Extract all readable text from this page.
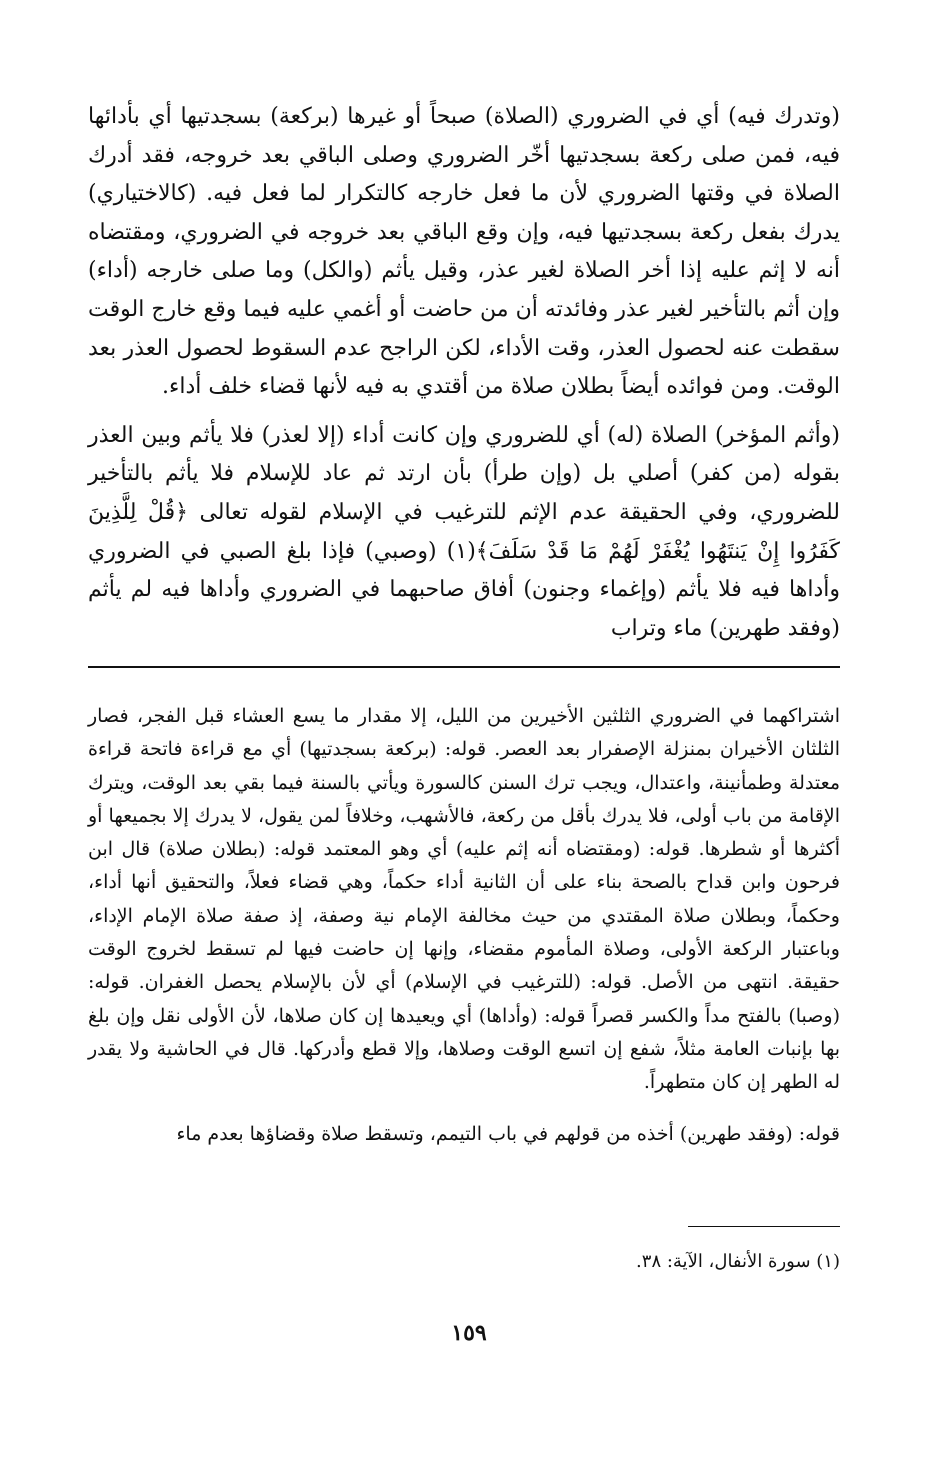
(وتدرك فيه) أي في الضروري (الصلاة) صبحاً أو غيرها (بركعة) بسجدتيها أي بأدائها فيه، فمن صلى ركعة بسجدتيها أخّر الضروري وصلى الباقي بعد خروجه، فقد أدرك الصلاة في وقتها الضروري لأن ما فعل خارجه كالتكرار لما فعل فيه. (كالاختياري) يدرك بفعل ركعة بسجدتيها فيه، وإن وقع الباقي بعد خروجه في الضروري، ومقتضاه أنه لا إثم عليه إذا أخر الصلاة لغير عذر، وقيل يأثم (والكل) وما صلى خارجه (أداء) وإن أثم بالتأخير لغير عذر وفائدته أن من حاضت أو أغمي عليه فيما وقع خارج الوقت سقطت عنه لحصول العذر، وقت الأداء، لكن الراجح عدم السقوط لحصول العذر بعد الوقت. ومن فوائده أيضاً بطلان صلاة من أقتدي به فيه لأنها قضاء خلف أداء.

(وأثم المؤخر) الصلاة (له) أي للضروري وإن كانت أداء (إلا لعذر) فلا يأثم وبين العذر بقوله (من كفر) أصلي بل (وإن طرأ) بأن ارتد ثم عاد للإسلام فلا يأثم بالتأخير للضروري، وفي الحقيقة عدم الإثم للترغيب في الإسلام لقوله تعالى ﴿قُلْ لِلَّذِينَ كَفَرُوا إِنْ يَنتَهُوا يُغْفَرْ لَهُمْ مَا قَدْ سَلَفَ﴾(١) (وصبي) فإذا بلغ الصبي في الضروري وأداها فيه فلا يأثم (وإغماء وجنون) أفاق صاحبهما في الضروري وأداها فيه لم يأثم (وفقد طهرين) ماء وتراب

اشتراكهما في الضروري الثلثين الأخيرين من الليل، إلا مقدار ما يسع العشاء قبل الفجر، فصار الثلثان الأخيران بمنزلة الإصفرار بعد العصر. قوله: (بركعة بسجدتيها) أي مع قراءة فاتحة قراءة معتدلة وطمأنينة، واعتدال، ويجب ترك السنن كالسورة ويأتي بالسنة فيما بقي بعد الوقت، ويترك الإقامة من باب أولى، فلا يدرك بأقل من ركعة، فالأشهب، وخلافاً لمن يقول، لا يدرك إلا بجميعها أو أكثرها أو شطرها. قوله: (ومقتضاه أنه إثم عليه) أي وهو المعتمد قوله: (بطلان صلاة) قال ابن فرحون وابن قداح بالصحة بناء على أن الثانية أداء حكماً، وهي قضاء فعلاً، والتحقيق أنها أداء، وحكماً، وبطلان صلاة المقتدي من حيث مخالفة الإمام نية وصفة، إذ صفة صلاة الإمام الإداء، وباعتبار الركعة الأولى، وصلاة المأموم مقضاء، وإنها إن حاضت فيها لم تسقط لخروج الوقت حقيقة. انتهى من الأصل. قوله: (للترغيب في الإسلام) أي لأن بالإسلام يحصل الغفران. قوله: (وصبا) بالفتح مداً والكسر قصراً قوله: (وأداها) أي ويعيدها إن كان صلاها، لأن الأولى نقل وإن بلغ بها بإنبات العامة مثلاً، شفع إن اتسع الوقت وصلاها، وإلا قطع وأدركها. قال في الحاشية ولا يقدر له الطهر إن كان متطهراً.

قوله: (وفقد طهرين) أخذه من قولهم في باب التيمم، وتسقط صلاة وقضاؤها بعدم ماء

(١) سورة الأنفال، الآية: ٣٨.
١٥٩
